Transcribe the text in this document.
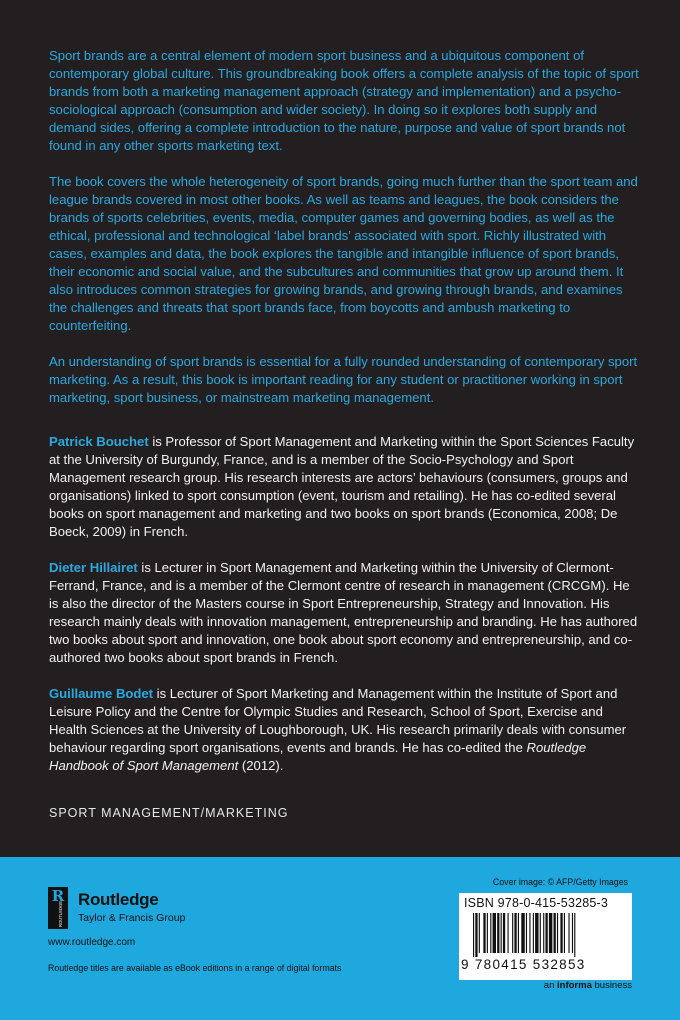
Sport brands are a central element of modern sport business and a ubiquitous component of contemporary global culture. This groundbreaking book offers a complete analysis of the topic of sport brands from both a marketing management approach (strategy and implementation) and a psycho-sociological approach (consumption and wider society). In doing so it explores both supply and demand sides, offering a complete introduction to the nature, purpose and value of sport brands not found in any other sports marketing text.

The book covers the whole heterogeneity of sport brands, going much further than the sport team and league brands covered in most other books. As well as teams and leagues, the book considers the brands of sports celebrities, events, media, computer games and governing bodies, as well as the ethical, professional and technological ‘label brands’ associated with sport. Richly illustrated with cases, examples and data, the book explores the tangible and intangible influence of sport brands, their economic and social value, and the subcultures and communities that grow up around them. It also introduces common strategies for growing brands, and growing through brands, and examines the challenges and threats that sport brands face, from boycotts and ambush marketing to counterfeiting.

An understanding of sport brands is essential for a fully rounded understanding of contemporary sport marketing. As a result, this book is important reading for any student or practitioner working in sport marketing, sport business, or mainstream marketing management.

Patrick Bouchet is Professor of Sport Management and Marketing within the Sport Sciences Faculty at the University of Burgundy, France, and is a member of the Socio-Psychology and Sport Management research group. His research interests are actors’ behaviours (consumers, groups and organisations) linked to sport consumption (event, tourism and retailing). He has co-edited several books on sport management and marketing and two books on sport brands (Economica, 2008; De Boeck, 2009) in French.

Dieter Hillairet is Lecturer in Sport Management and Marketing within the University of Clermont-Ferrand, France, and is a member of the Clermont centre of research in management (CRCGM). He is also the director of the Masters course in Sport Entrepreneurship, Strategy and Innovation. His research mainly deals with innovation management, entrepreneurship and branding. He has authored two books about sport and innovation, one book about sport economy and entrepreneurship, and co-authored two books about sport brands in French.

Guillaume Bodet is Lecturer of Sport Marketing and Management within the Institute of Sport and Leisure Policy and the Centre for Olympic Studies and Research, School of Sport, Exercise and Health Sciences at the University of Loughborough, UK. His research primarily deals with consumer behaviour regarding sport organisations, events and brands. He has co-edited the Routledge Handbook of Sport Management (2012).

SPORT MANAGEMENT/MARKETING
R
ROUTLEDGE
Routledge
Taylor & Francis Group
www.routledge.com
Routledge titles are available as eBook editions in a range of digital formats
Cover image: © AFP/Getty Images
ISBN 978-0-415-53285-3
9 780415 532853
an informa business
